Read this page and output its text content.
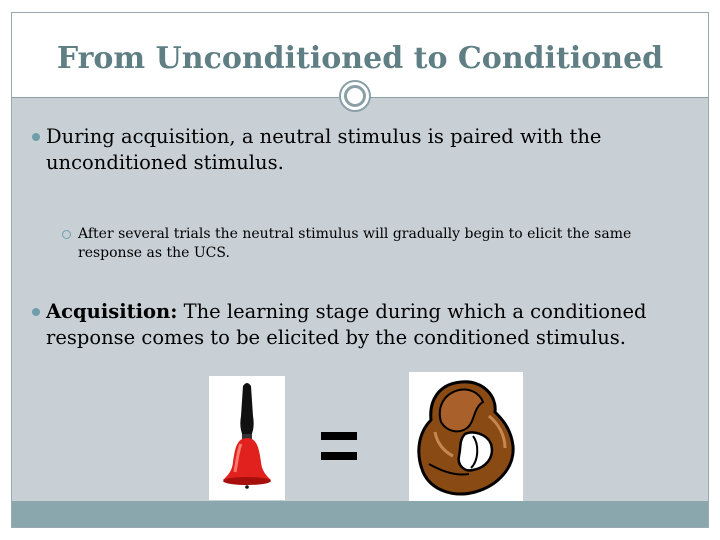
From Unconditioned to Conditioned
During acquisition, a neutral stimulus is paired with the unconditioned stimulus.
After several trials the neutral stimulus will gradually begin to elicit the same response as the UCS.
Acquisition: The learning stage during which a conditioned response comes to be elicited by the conditioned stimulus.
